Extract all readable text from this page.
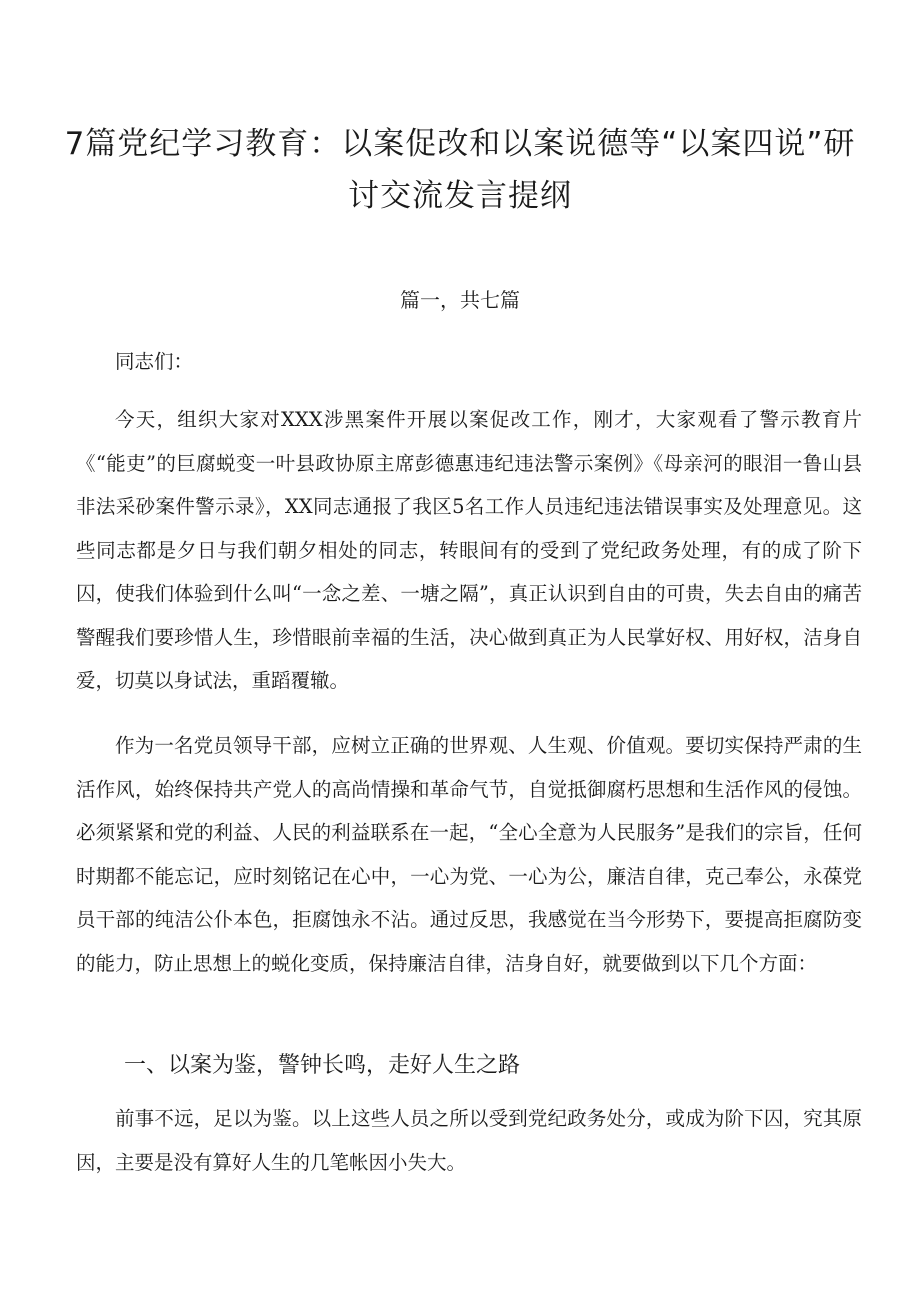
7篇党纪学习教育：以案促改和以案说德等“以案四说”研讨交流发言提纲

篇一，共七篇

同志们：

今天，组织大家对XXX涉黑案件开展以案促改工作，刚才，大家观看了警示教育片《“能吏”的巨腐蜕变一叶县政协原主席彭德惠违纪违法警示案例》《母亲河的眼泪一鲁山县非法采砂案件警示录》，XX同志通报了我区5名工作人员违纪违法错误事实及处理意见。这些同志都是夕日与我们朝夕相处的同志，转眼间有的受到了党纪政务处理，有的成了阶下囚，使我们体验到什么叫“一念之差、一塘之隔”，真正认识到自由的可贵，失去自由的痛苦警醒我们要珍惜人生，珍惜眼前幸福的生活，决心做到真正为人民掌好权、用好权，洁身自爱，切莫以身试法，重蹈覆辙。

作为一名党员领导干部，应树立正确的世界观、人生观、价值观。要切实保持严肃的生活作风，始终保持共产党人的高尚情操和革命气节，自觉抵御腐朽思想和生活作风的侵蚀。必须紧紧和党的利益、人民的利益联系在一起，“全心全意为人民服务”是我们的宗旨，任何时期都不能忘记，应时刻铭记在心中，一心为党、一心为公，廉洁自律，克己奉公，永葆党员干部的纯洁公仆本色，拒腐蚀永不沾。通过反思，我感觉在当今形势下，要提高拒腐防变的能力，防止思想上的蜕化变质，保持廉洁自律，洁身自好，就要做到以下几个方面：

一、以案为鉴，警钟长鸣，走好人生之路

前事不远，足以为鉴。以上这些人员之所以受到党纪政务处分，或成为阶下囚，究其原因，主要是没有算好人生的几笔帐因小失大。
